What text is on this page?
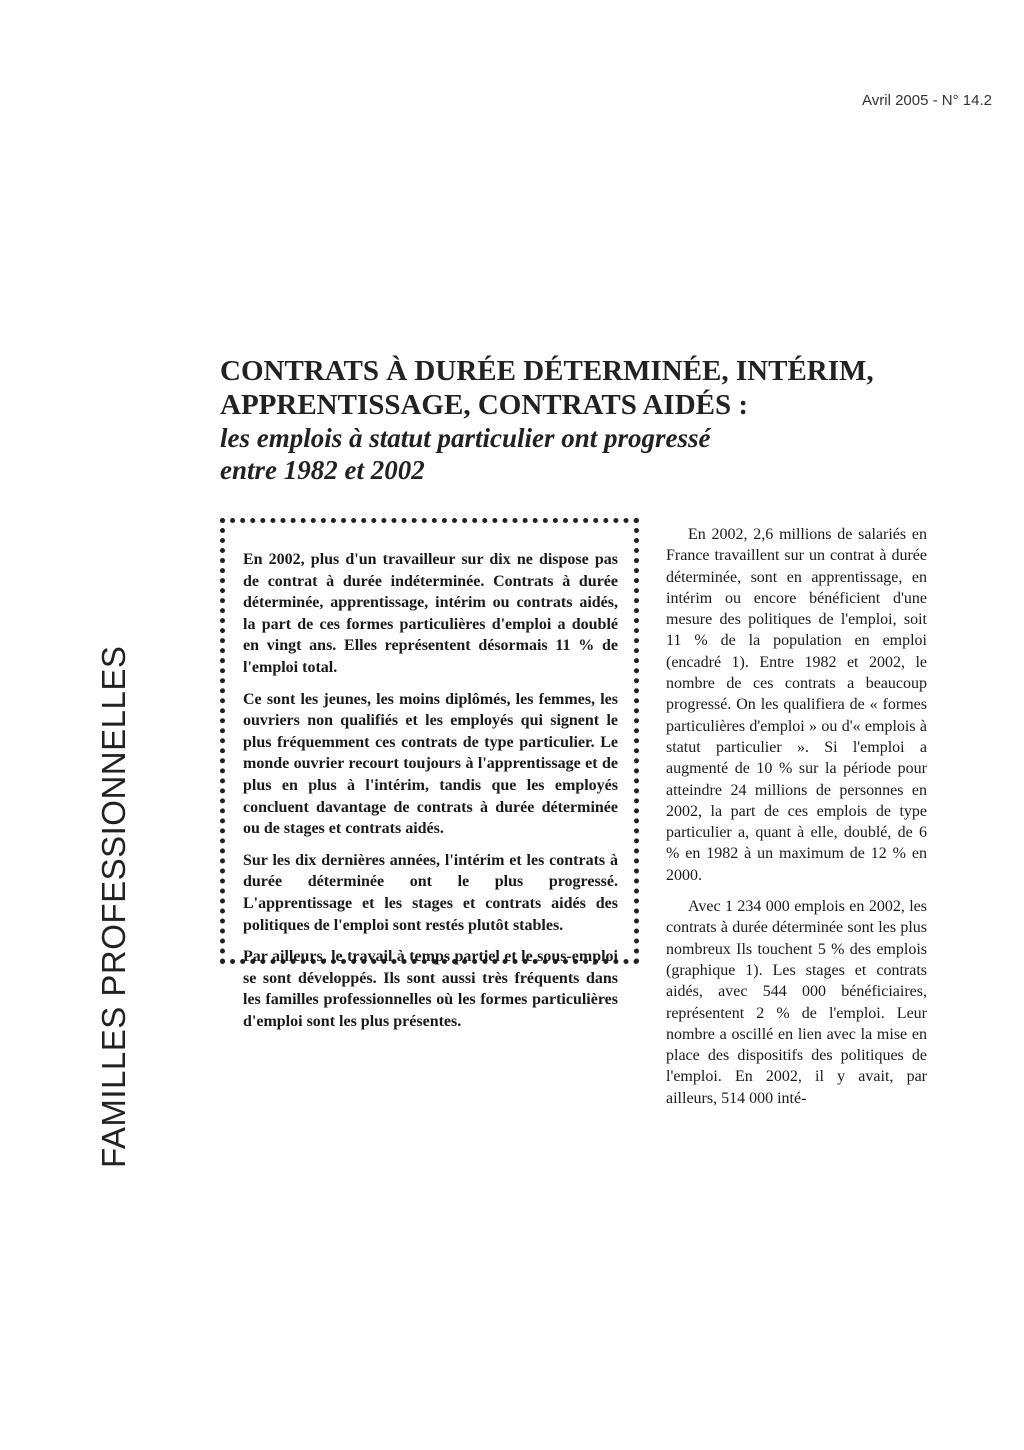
Avril 2005 - N° 14.2
FAMILLES PROFESSIONNELLES
CONTRATS À DURÉE DÉTERMINÉE, INTÉRIM,
APPRENTISSAGE, CONTRATS AIDÉS :
les emplois à statut particulier ont progressé
entre 1982 et 2002

En 2002, plus d'un travailleur sur dix ne dispose pas de contrat à durée indéterminée. Contrats à durée déterminée, apprentissage, intérim ou contrats aidés, la part de ces formes particulières d'emploi a doublé en vingt ans. Elles représentent désormais 11 % de l'emploi total.

Ce sont les jeunes, les moins diplômés, les femmes, les ouvriers non qualifiés et les employés qui signent le plus fréquemment ces contrats de type particulier. Le monde ouvrier recourt toujours à l'apprentissage et de plus en plus à l'intérim, tandis que les employés concluent davantage de contrats à durée déterminée ou de stages et contrats aidés.

Sur les dix dernières années, l'intérim et les contrats à durée déterminée ont le plus progressé. L'apprentissage et les stages et contrats aidés des politiques de l'emploi sont restés plutôt stables.

Par ailleurs, le travail à temps partiel et le sous-emploi se sont développés. Ils sont aussi très fréquents dans les familles professionnelles où les formes particulières d'emploi sont les plus présentes.

En 2002, 2,6 millions de salariés en France travaillent sur un contrat à durée déterminée, sont en apprentissage, en intérim ou encore bénéficient d'une mesure des politiques de l'emploi, soit 11 % de la population en emploi (encadré 1). Entre 1982 et 2002, le nombre de ces contrats a beaucoup progressé. On les qualifiera de « formes particulières d'emploi » ou d'« emplois à statut particulier ». Si l'emploi a augmenté de 10 % sur la période pour atteindre 24 millions de personnes en 2002, la part de ces emplois de type particulier a, quant à elle, doublé, de 6 % en 1982 à un maximum de 12 % en 2000.

Avec 1 234 000 emplois en 2002, les contrats à durée déterminée sont les plus nombreux Ils touchent 5 % des emplois (graphique 1). Les stages et contrats aidés, avec 544 000 bénéficiaires, représentent 2 % de l'emploi. Leur nombre a oscillé en lien avec la mise en place des dispositifs des politiques de l'emploi. En 2002, il y avait, par ailleurs, 514 000 inté-
